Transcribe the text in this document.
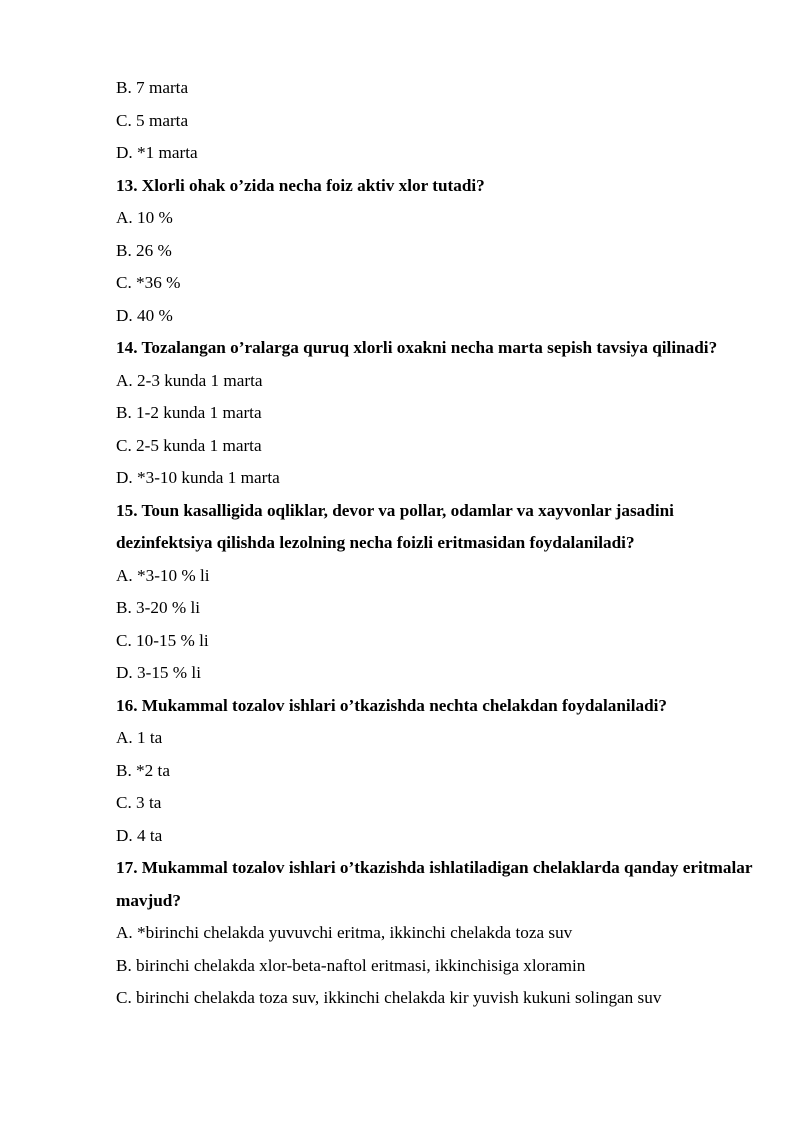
B. 7 marta
C. 5 marta
D. *1 marta
13. Xlorli ohak o’zida necha foiz aktiv xlor tutadi?
A. 10 %
B. 26 %
C. *36 %
D. 40 %
14. Tozalangan o’ralarga quruq xlorli oxakni necha marta sepish tavsiya qilinadi?
A. 2-3 kunda 1 marta
B. 1-2 kunda 1 marta
C. 2-5 kunda 1 marta
D. *3-10 kunda 1 marta
15. Toun kasalligida oqliklar, devor va pollar, odamlar va xayvonlar jasadini dezinfektsiya qilishda lezolning necha foizli eritmasidan foydalaniladi?
A. *3-10 % li
B. 3-20 % li
C. 10-15 % li
D. 3-15 % li
16. Mukammal tozalov ishlari o’tkazishda nechta chelakdan foydalaniladi?
A. 1 ta
B. *2 ta
C. 3 ta
D. 4 ta
17. Mukammal tozalov ishlari o’tkazishda ishlatiladigan chelaklarda qanday eritmalar mavjud?
A. *birinchi chelakda yuvuvchi eritma, ikkinchi chelakda toza suv
B. birinchi chelakda xlor-beta-naftol eritmasi, ikkinchisiga xloramin
C. birinchi chelakda toza suv, ikkinchi chelakda kir yuvish kukuni solingan suv
